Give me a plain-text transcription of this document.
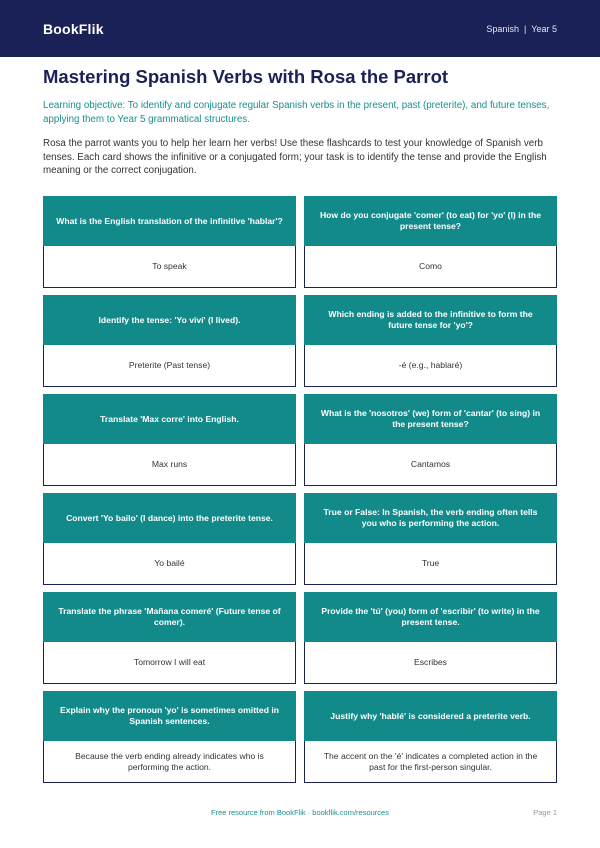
BookFlik	Spanish | Year 5
Mastering Spanish Verbs with Rosa the Parrot

Learning objective: To identify and conjugate regular Spanish verbs in the present, past (preterite), and future tenses, applying them to Year 5 grammatical structures.

Rosa the parrot wants you to help her learn her verbs! Use these flashcards to test your knowledge of Spanish verb tenses. Each card shows the infinitive or a conjugated form; your task is to identify the tense and provide the English meaning or the correct conjugation.

What is the English translation of the infinitive 'hablar'?
To speak
How do you conjugate 'comer' (to eat) for 'yo' (I) in the present tense?
Como
Identify the tense: 'Yo viví' (I lived).
Preterite (Past tense)
Which ending is added to the infinitive to form the future tense for 'yo'?
-é (e.g., hablaré)
Translate 'Max corre' into English.
Max runs
What is the 'nosotros' (we) form of 'cantar' (to sing) in the present tense?
Cantamos
Convert 'Yo bailo' (I dance) into the preterite tense.
Yo bailé
True or False: In Spanish, the verb ending often tells you who is performing the action.
True
Translate the phrase 'Mañana comeré' (Future tense of comer).
Tomorrow I will eat
Provide the 'tú' (you) form of 'escribir' (to write) in the present tense.
Escribes
Explain why the pronoun 'yo' is sometimes omitted in Spanish sentences.
Because the verb ending already indicates who is performing the action.
Justify why 'hablé' is considered a preterite verb.
The accent on the 'é' indicates a completed action in the past for the first-person singular.
Free resource from BookFlik · bookflik.com/resources	Page 1
